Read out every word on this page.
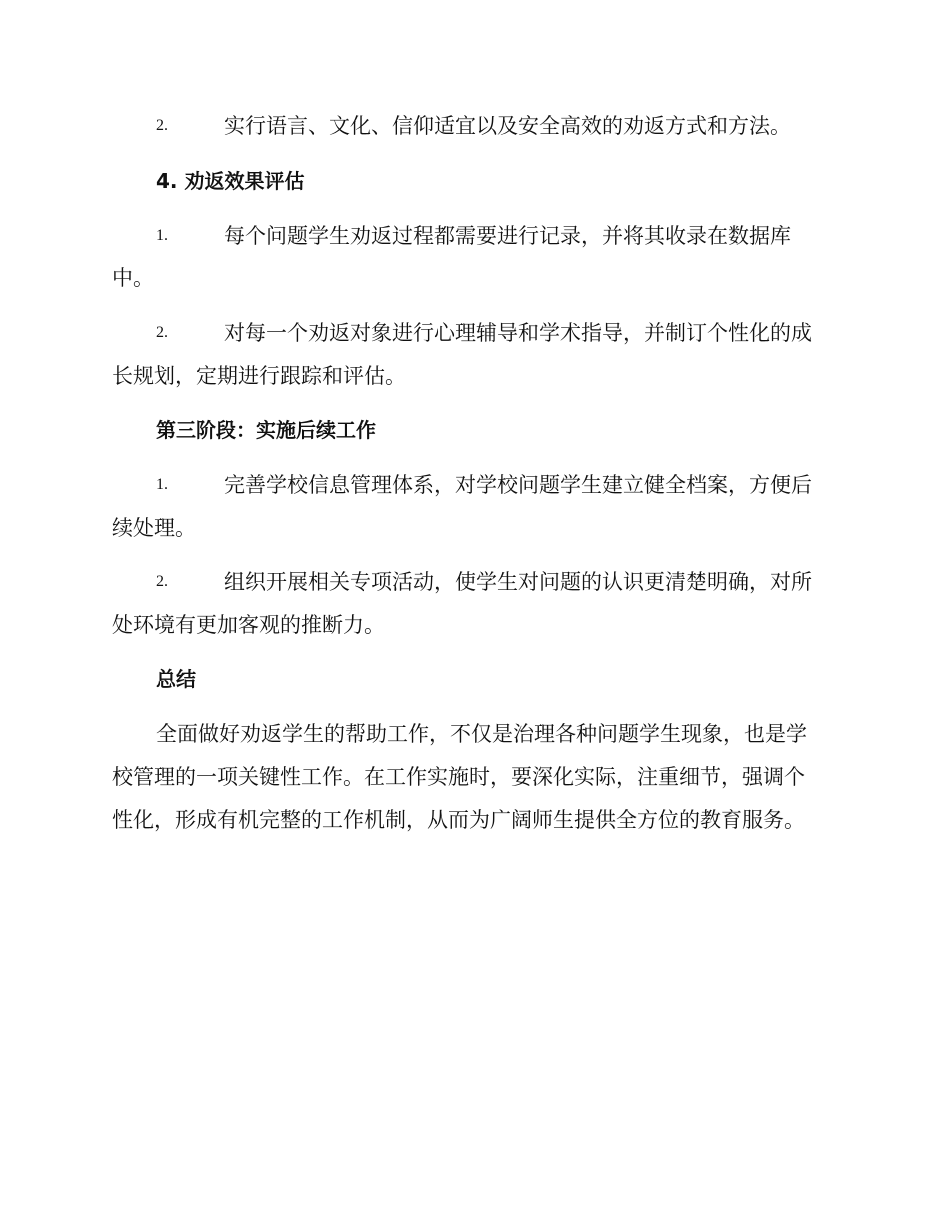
2.	实行语言、文化、信仰适宜以及安全高效的劝返方式和方法。
4. 劝返效果评估
1.	每个问题学生劝返过程都需要进行记录，并将其收录在数据库
中。
2.	对每一个劝返对象进行心理辅导和学术指导，并制订个性化的成
长规划，定期进行跟踪和评估。
第三阶段：实施后续工作
1.	完善学校信息管理体系，对学校问题学生建立健全档案，方便后
续处理。
2.	组织开展相关专项活动，使学生对问题的认识更清楚明确，对所
处环境有更加客观的推断力。
总结
全面做好劝返学生的帮助工作，不仅是治理各种问题学生现象，也是学
校管理的一项关键性工作。在工作实施时，要深化实际，注重细节，强调个
性化，形成有机完整的工作机制，从而为广阔师生提供全方位的教育服务。
